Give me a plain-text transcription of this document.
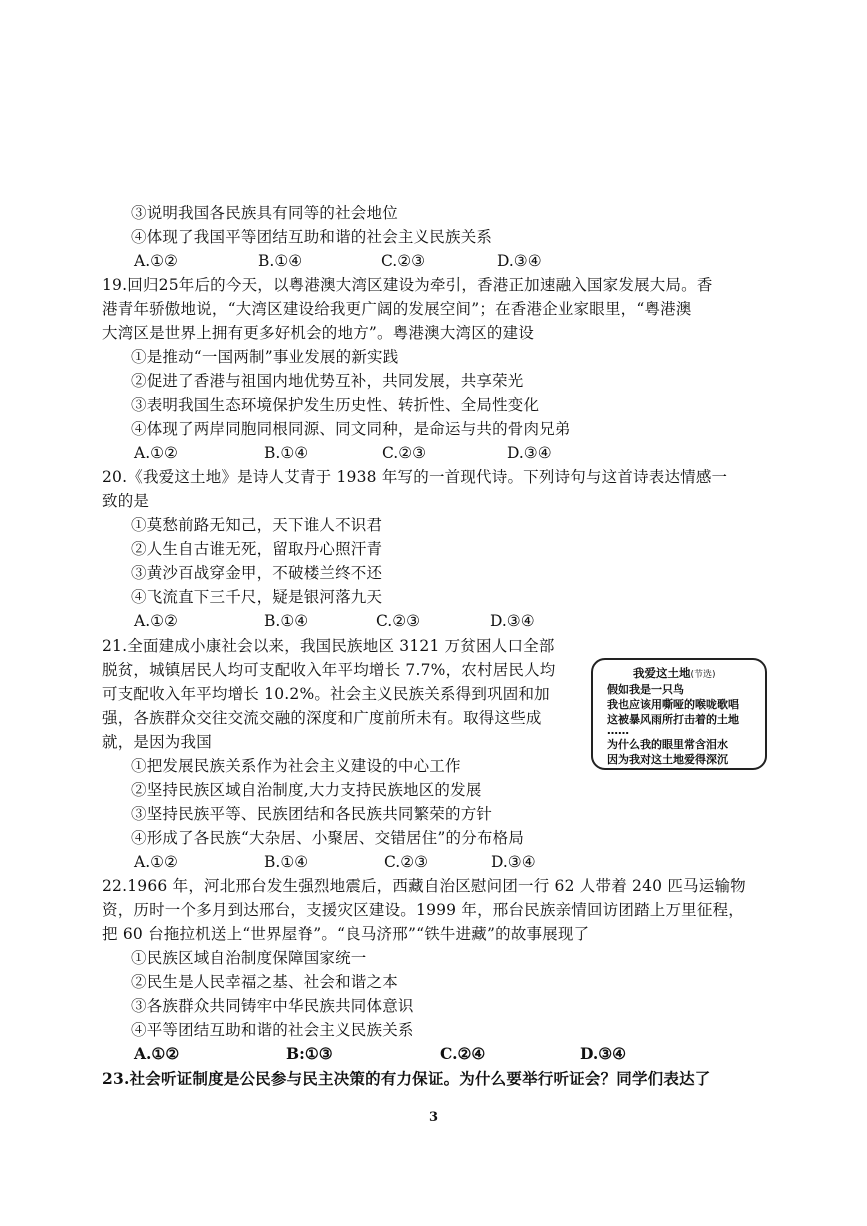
③说明我国各民族具有同等的社会地位
④体现了我国平等团结互助和谐的社会主义民族关系
A.①②	B.①④	C.②③	D.③④
19.回归25年后的今天，以粤港澳大湾区建设为牵引，香港正加速融入国家发展大局。香
港青年骄傲地说，“大湾区建设给我更广阔的发展空间”；在香港企业家眼里，“粤港澳
大湾区是世界上拥有更多好机会的地方”。粤港澳大湾区的建设
①是推动“一国两制”事业发展的新实践
②促进了香港与祖国内地优势互补，共同发展，共享荣光
③表明我国生态环境保护发生历史性、转折性、全局性变化
④体现了两岸同胞同根同源、同文同种，是命运与共的骨肉兄弟
A.①②	B.①④	C.②③	D.③④
20.《我爱这土地》是诗人艾青于 1938 年写的一首现代诗。下列诗句与这首诗表达情感一
致的是
①莫愁前路无知己，天下谁人不识君
②人生自古谁无死，留取丹心照汗青
③黄沙百战穿金甲，不破楼兰终不还
④飞流直下三千尺，疑是银河落九天
A.①②	B.①④	C.②③	D.③④
21.全面建成小康社会以来，我国民族地区 3121 万贫困人口全部
脱贫，城镇居民人均可支配收入年平均增长 7.7%，农村居民人均
可支配收入年平均增长 10.2%。社会主义民族关系得到巩固和加
强，各族群众交往交流交融的深度和广度前所未有。取得这些成
就，是因为我国
①把发展民族关系作为社会主义建设的中心工作
②坚持民族区域自治制度,大力支持民族地区的发展
③坚持民族平等、民族团结和各民族共同繁荣的方针
④形成了各民族“大杂居、小聚居、交错居住”的分布格局
A.①②	B.①④	C.②③	D.③④
我爱这土地(节选)
假如我是一只鸟
我也应该用嘶哑的喉咙歌唱
这被暴风雨所打击着的土地
……
为什么我的眼里常含泪水
因为我对这土地爱得深沉
22.1966 年，河北邢台发生强烈地震后，西藏自治区慰问团一行 62 人带着 240 匹马运输物
资，历时一个多月到达邢台，支援灾区建设。1999 年，邢台民族亲情回访团踏上万里征程，
把 60 台拖拉机送上“世界屋脊”。“良马济邢”“铁牛进藏”的故事展现了
①民族区域自治制度保障国家统一
②民生是人民幸福之基、社会和谐之本
③各族群众共同铸牢中华民族共同体意识
④平等团结互助和谐的社会主义民族关系
A.①②	B:①③	C.②④	D.③④
23.社会听证制度是公民参与民主决策的有力保证。为什么要举行听证会？同学们表达了
3
